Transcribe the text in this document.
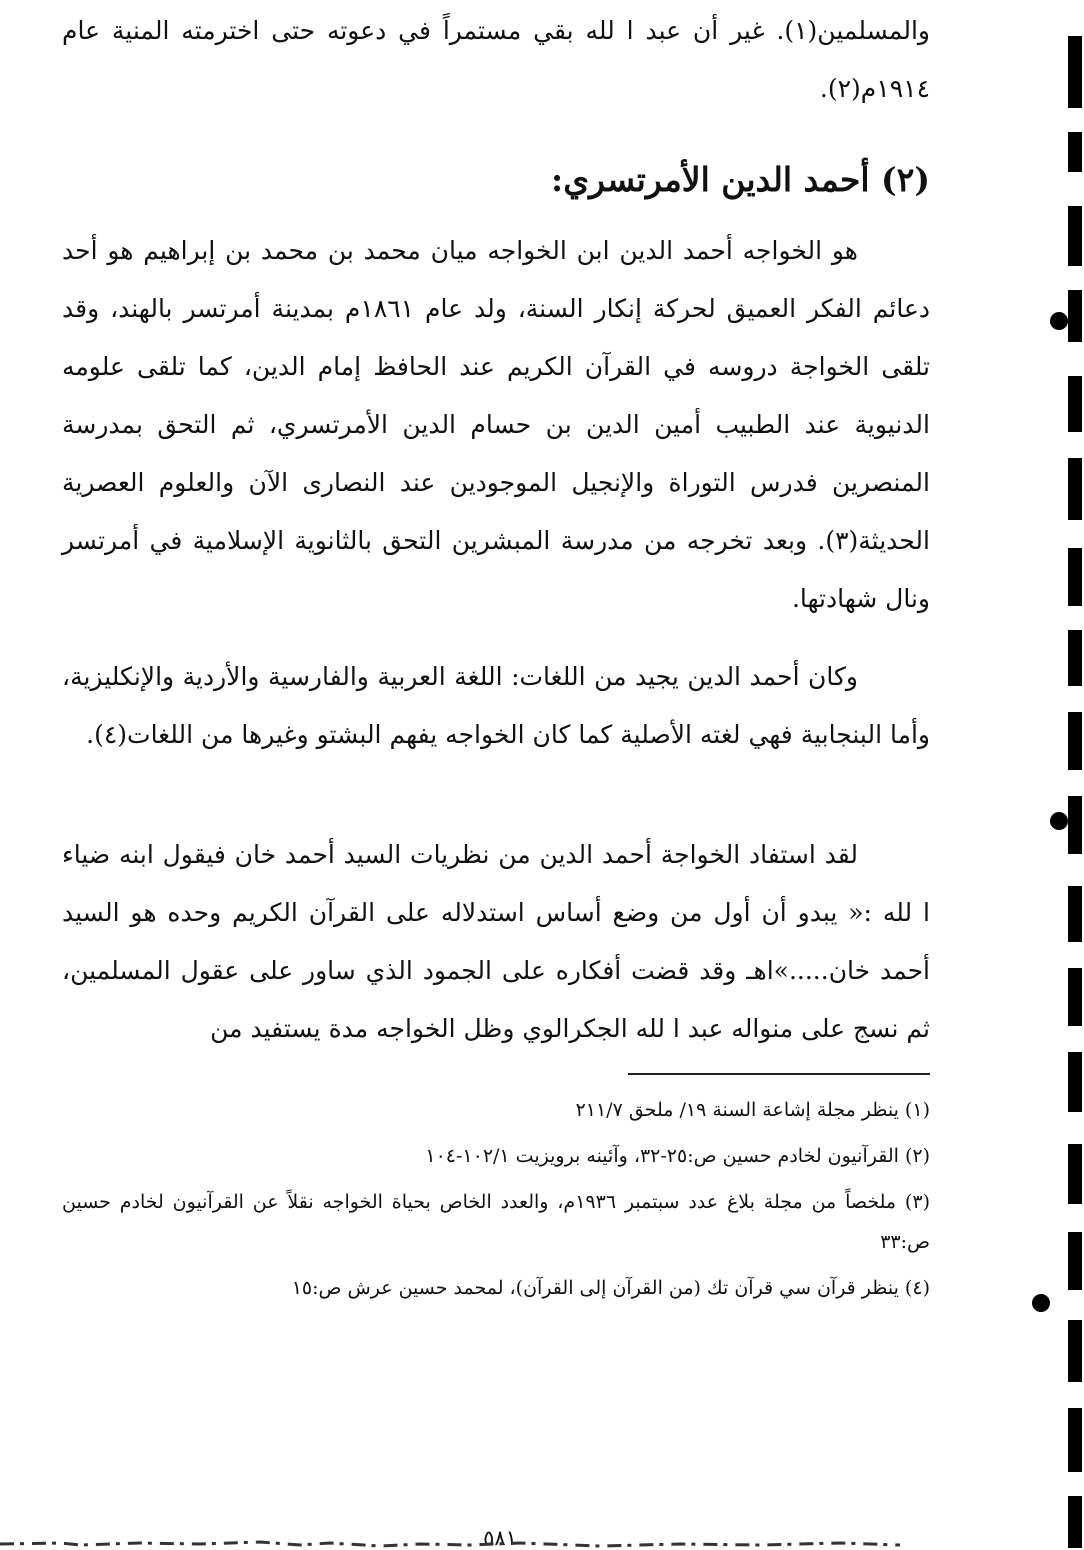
والمسلمين(١). غير أن عبد ا لله بقي مستمراً في دعوته حتى اخترمته المنية عام ١٩١٤م(٢).
(٢) أحمد الدين الأمرتسري:
هو الخواجه أحمد الدين ابن الخواجه ميان محمد بن محمد بن إبراهيم هو أحد دعائم الفكر العميق لحركة إنكار السنة، ولد عام ١٨٦١م بمدينة أمرتسر بالهند، وقد تلقى الخواجة دروسه في القرآن الكريم عند الحافظ إمام الدين، كما تلقى علومه الدنيوية عند الطبيب أمين الدين بن حسام الدين الأمرتسري، ثم التحق بمدرسة المنصرين فدرس التوراة والإنجيل الموجودين عند النصارى الآن والعلوم العصرية الحديثة(٣). وبعد تخرجه من مدرسة المبشرين التحق بالثانوية الإسلامية في أمرتسر ونال شهادتها.
وكان أحمد الدين يجيد من اللغات: اللغة العربية والفارسية والأردية والإنكليزية، وأما البنجابية فهي لغته الأصلية كما كان الخواجه يفهم البشتو وغيرها من اللغات(٤).
لقد استفاد الخواجة أحمد الدين من نظريات السيد أحمد خان فيقول ابنه ضياء ا لله :« يبدو أن أول من وضع أساس استدلاله على القرآن الكريم وحده هو السيد أحمد خان.....»اهـ وقد قضت أفكاره على الجمود الذي ساور على عقول المسلمين، ثم نسج على منواله عبد ا لله الجكرالوي وظل الخواجه مدة يستفيد من

(١) ينظر مجلة إشاعة السنة ١٩/ ملحق ٢١١/٧

(٢) القرآنيون لخادم حسين ص:٢٥-٣٢، وآئينه برويزيت ١٠٢/١-١٠٤

(٣) ملخصاً من مجلة بلاغ عدد سبتمبر ١٩٣٦م، والعدد الخاص بحياة الخواجه نقلاً عن القرآنيون لخادم حسين ص:٣٣

(٤) ينظر قرآن سي قرآن تك (من القرآن إلى القرآن)، لمحمد حسين عرش ص:١٥

٥٨١
